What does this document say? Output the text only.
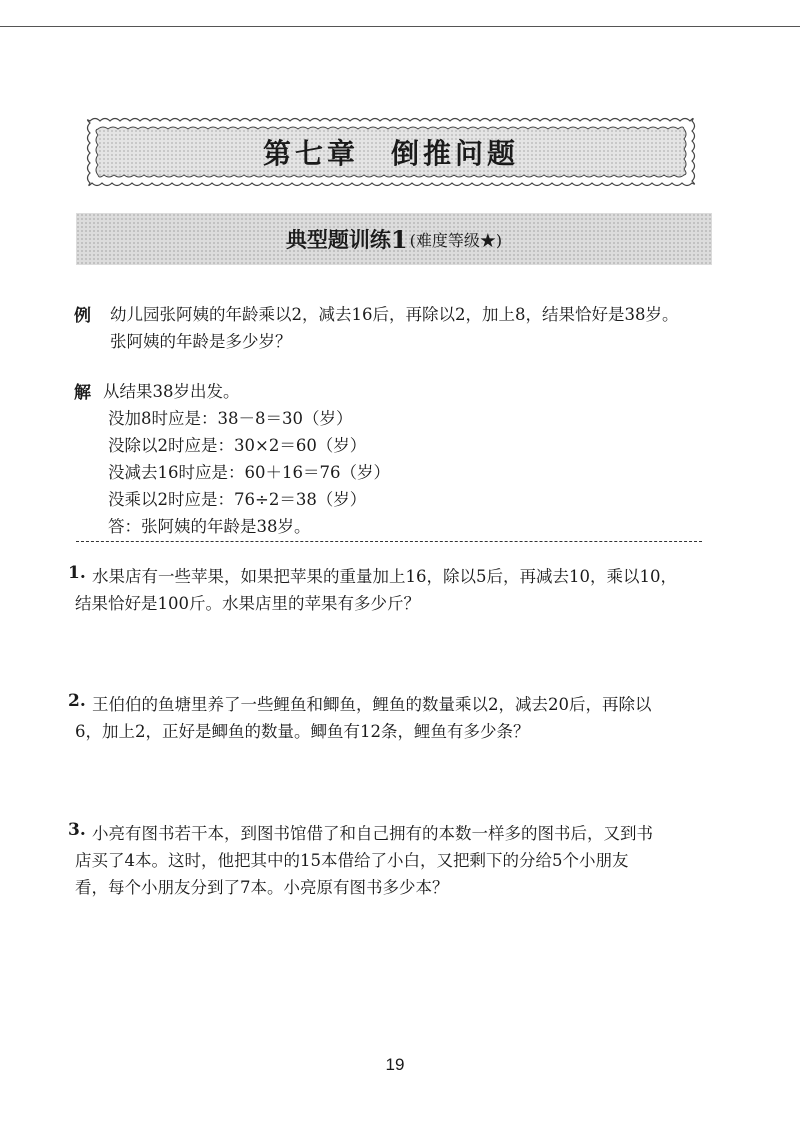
第七章　倒推问题
典型题训练 1 (难度等级★)
例 幼儿园张阿姨的年龄乘以2，减去16后，再除以2，加上8，结果恰好是38岁。
张阿姨的年龄是多少岁？
解 从结果38岁出发。
没加8时应是：38－8＝30（岁）
没除以2时应是：30×2＝60（岁）
没减去16时应是：60＋16＝76（岁）
没乘以2时应是：76÷2＝38（岁）
答：张阿姨的年龄是38岁。
1. 水果店有一些苹果，如果把苹果的重量加上16，除以5后，再减去10，乘以10，
结果恰好是100斤。水果店里的苹果有多少斤？
2. 王伯伯的鱼塘里养了一些鲤鱼和鲫鱼，鲤鱼的数量乘以2，减去20后，再除以
6，加上2，正好是鲫鱼的数量。鲫鱼有12条，鲤鱼有多少条？
3. 小亮有图书若干本，到图书馆借了和自己拥有的本数一样多的图书后，又到书
店买了4本。这时，他把其中的15本借给了小白，又把剩下的分给5个小朋友
看，每个小朋友分到了7本。小亮原有图书多少本？
19
